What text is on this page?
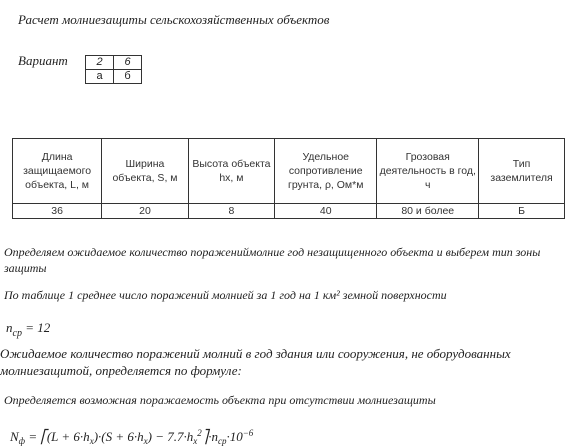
Расчет молниезащиты сельскохозяйственных объектов
Вариант	2	6
а	б
Длина защищаемого объекта, L, м	Ширина объекта, S, м	Высота объекта hx, м	Удельное сопротивление грунта, ρ, Ом*м	Грозовая деятельность в год, ч	Тип заземлителя
36	20	8	40	80 и более	Б
Определяем ожидаемое количество поражениймолние год незащищенного объекта и выберем тип зоны защиты
По таблице 1 среднее число поражений молнией за 1 год на 1 км² земной поверхности
$n_{ср} = 12$
Ожидаемое количество поражений молний в год здания или сооружения, не оборудованных молниезащитой, определяется по формуле:
Определяется возможная поражаемость объекта при отсутствии молниезащиты
$N_ф$ = ⎡(L + $6\cdot h_x)\cdot(S + 6\cdot h_x)$ − $7.7\cdot h_x^2⎤\cdot n_{ср}\cdot 10^{-6}$
